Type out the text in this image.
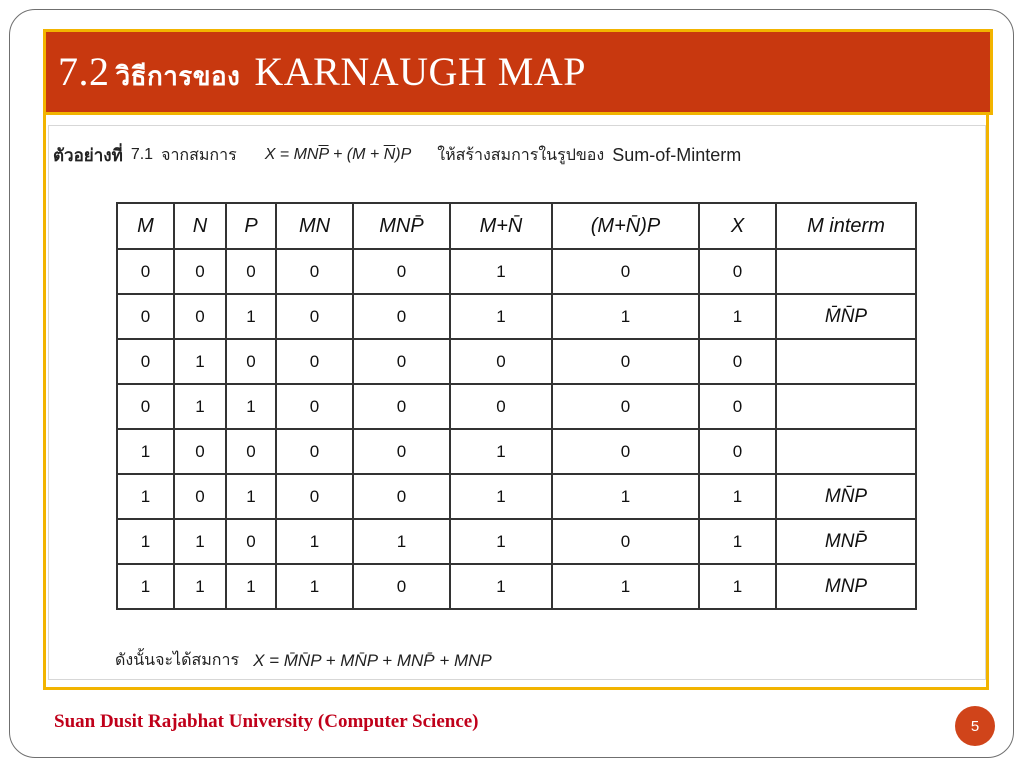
7.2 วิธีการของ KARNAUGH MAP
ตัวอย่างที่ 7.1 จากสมการ $X = MN\overline{P} + (M + \overline{N})P$ ให้สร้างสมการในรูปของ Sum-of-Minterm
M	N	P	MN	MNP̄	M+N̄	(M+N̄)P	X	M interm
0	0	0	0	0	1	0	0	
0	0	1	0	0	1	1	1	M̄N̄P
0	1	0	0	0	0	0	0	
0	1	1	0	0	0	0	0	
1	0	0	0	0	1	0	0	
1	0	1	0	0	1	1	1	MN̄P
1	1	0	1	1	1	0	1	MNP̄
1	1	1	1	0	1	1	1	MNP
ดังนั้นจะได้สมการ X = M̄N̄P + MN̄P + MNP̄ + MNP
Suan Dusit Rajabhat University (Computer Science)	5
